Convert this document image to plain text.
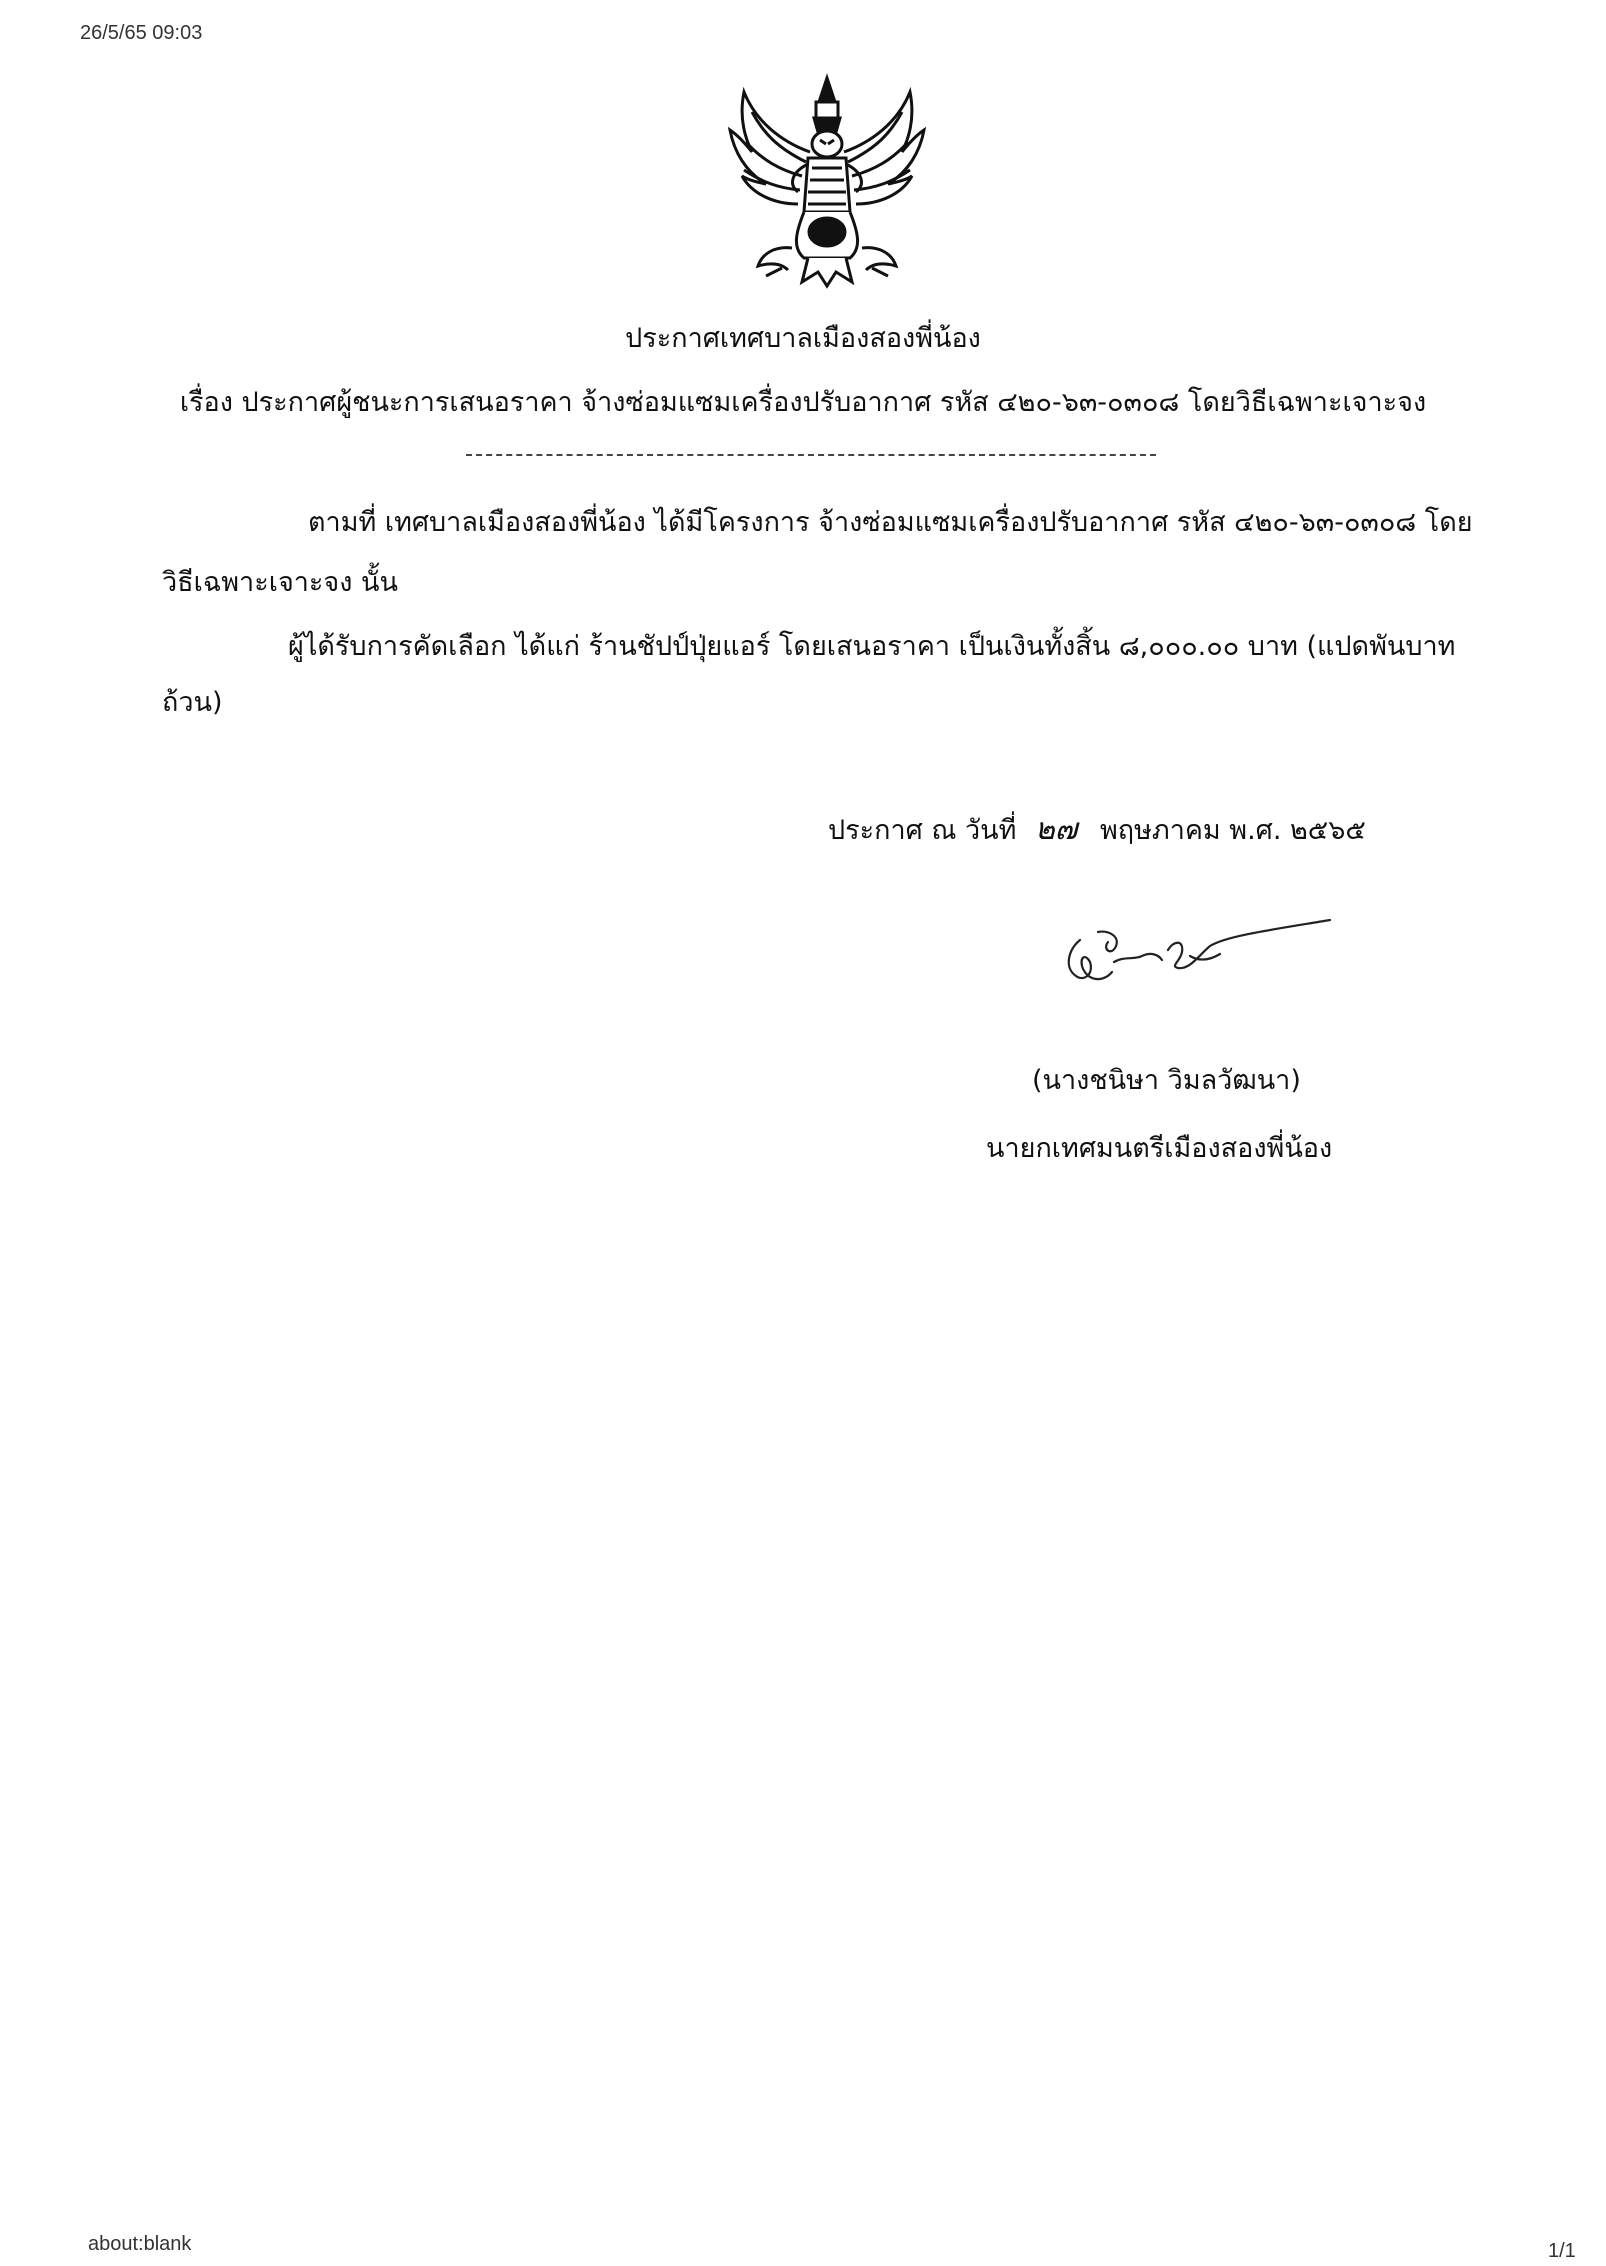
26/5/65 09:03
ประกาศเทศบาลเมืองสองพี่น้อง
เรื่อง ประกาศผู้ชนะการเสนอราคา จ้างซ่อมแซมเครื่องปรับอากาศ รหัส ๔๒๐-๖๓-๐๓๐๘ โดยวิธีเฉพาะเจาะจง
ตามที่ เทศบาลเมืองสองพี่น้อง ได้มีโครงการ จ้างซ่อมแซมเครื่องปรับอากาศ รหัส ๔๒๐-๖๓-๐๓๐๘ โดย
วิธีเฉพาะเจาะจง นั้น
ผู้ได้รับการคัดเลือก ได้แก่ ร้านชัปป์ปุ่ยแอร์ โดยเสนอราคา เป็นเงินทั้งสิ้น ๘,๐๐๐.๐๐ บาท (แปดพันบาท
ถ้วน)
ประกาศ ณ วันที่ ๒๗ พฤษภาคม พ.ศ. ๒๕๖๕
(นางชนิษา วิมลวัฒนา)
นายกเทศมนตรีเมืองสองพี่น้อง
about:blank	1/1
